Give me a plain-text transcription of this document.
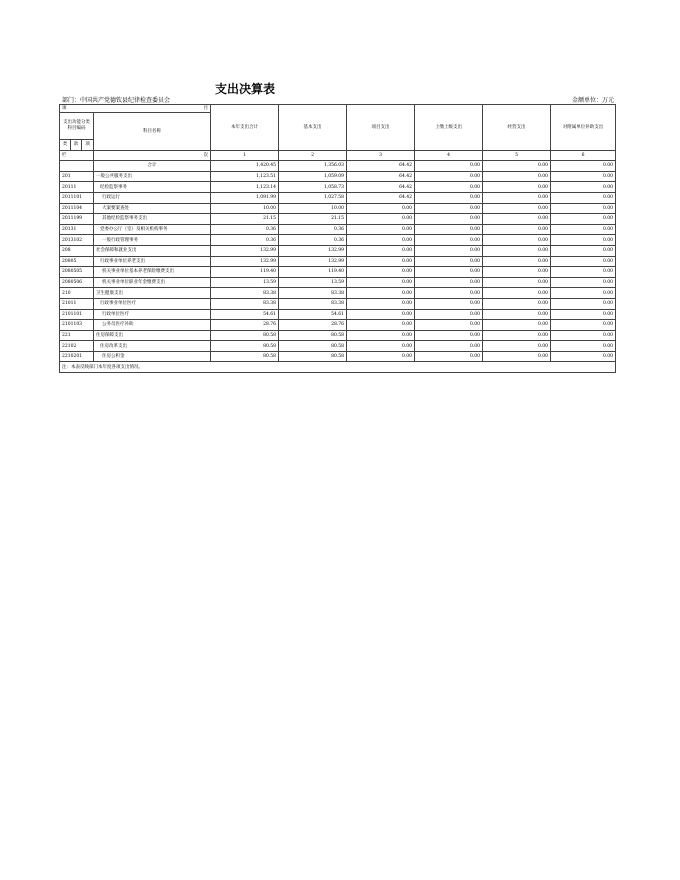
支出决算表
部门：中国共产党德钦县纪律检查委员会	金额单位：万元
项 目				本年支出合计	基本支出	项目支出	上缴上级支出	经营支出	对附属单位补助支出
支出功能分类科目编码			科目名称						
类	款	项							
栏			次	1	2	3	4	5	6
			合计	1,420.45	1,356.03	64.42	0.00	0.00	0.00
201			一般公共服务支出	1,123.51	1,059.09	64.42	0.00	0.00	0.00
20111			纪检监察事务	1,123.14	1,058.73	64.42	0.00	0.00	0.00
2011101			行政运行	1,091.99	1,027.58	64.42	0.00	0.00	0.00
2011104			大案要案查处	10.00	10.00	0.00	0.00	0.00	0.00
2011199			其他纪检监察事务支出	21.15	21.15	0.00	0.00	0.00	0.00
20131			党委办公厅（室）及相关机构事务	0.36	0.36	0.00	0.00	0.00	0.00
2013102			一般行政管理事务	0.36	0.36	0.00	0.00	0.00	0.00
208			社会保障和就业支出	132.99	132.99	0.00	0.00	0.00	0.00
20805			行政事业单位养老支出	132.99	132.99	0.00	0.00	0.00	0.00
2080505			机关事业单位基本养老保险缴费支出	119.40	119.40	0.00	0.00	0.00	0.00
2080506			机关事业单位职业年金缴费支出	13.59	13.59	0.00	0.00	0.00	0.00
210			卫生健康支出	83.38	83.38	0.00	0.00	0.00	0.00
21011			行政事业单位医疗	83.38	83.38	0.00	0.00	0.00	0.00
2101101			行政单位医疗	54.61	54.61	0.00	0.00	0.00	0.00
2101103			公务员医疗补助	28.76	28.76	0.00	0.00	0.00	0.00
221			住房保障支出	80.58	80.58	0.00	0.00	0.00	0.00
22102			住房改革支出	80.58	80.58	0.00	0.00	0.00	0.00
2210201			住房公积金	80.58	80.58	0.00	0.00	0.00	0.00
注：本表反映部门本年度各项支出情况。									
